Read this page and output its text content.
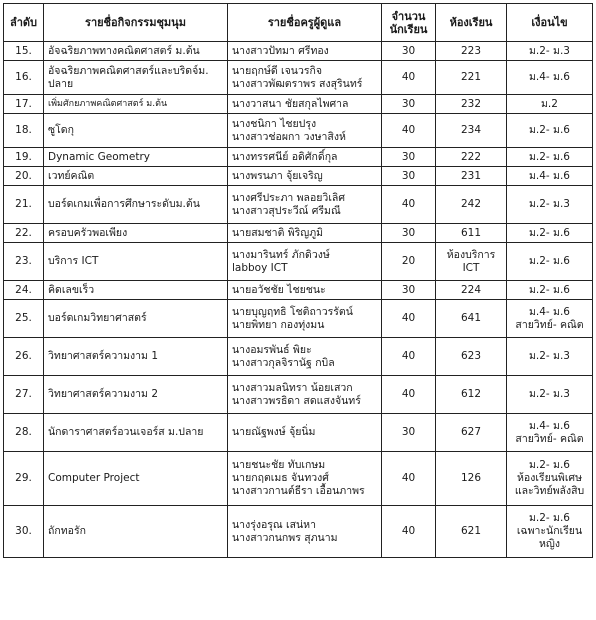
ลำดับ	รายชื่อกิจกรรมชุมนุม	รายชื่อครูผู้ดูแล	จำนวน นักเรียน	ห้องเรียน	เงื่อนไข
15.	อัจฉริยภาพทางคณิตศาสตร์ ม.ต้น	นางสาวปัทมา ศรีทอง	30	223	ม.2- ม.3

16.	อัจฉริยภาพคณิตศาสตร์และบริดจ์ม.
ปลาย	นายฤกษ์ดี เจนวรกิจ
นางสาวพัฒตราพร สงสุรินทร์	40	221	ม.4- ม.6

17.	เพิ่มศักยภาพคณิตศาสตร์ ม.ต้น	นางวาสนา ชัยสกุลไพศาล	30	232	ม.2

18.	ซูโดกุ	นางชนิกา ไชยปรุง
นางสาวช่อผกา วงษาสิงห์	40	234	ม.2- ม.6

19.	Dynamic Geometry	นางทรรศนีย์ อดิศักดิ์กุล	30	222	ม.2- ม.6

20.	เวทย์คณิต	นางพรนภา จุ้ยเจริญ	30	231	ม.4- ม.6

21.	บอร์ดเกมเพื่อการศึกษาระดับม.ต้น	นางศรีประภา พลอยวิเลิศ
นางสาวสุประวีณ์ ศรีมณี	40	242	ม.2- ม.3

22.	ครอบครัวพอเพียง	นายสมชาติ พิริญภูมิ	30	611	ม.2- ม.6

23.	บริการ ICT	นางมารินทร์ ภักดิวงษ์
labboy ICT	20	ห้องบริการ
ICT	ม.2- ม.6

24.	คิดเลขเร็ว	นายอวัชชัย ไชยชนะ	30	224	ม.2- ม.6

25.	บอร์ดเกมวิทยาศาสตร์	นายบุญฤทธิ โชติถาวรรัตน์
นายพิทยา กองทุ่งมน	40	641	ม.4- ม.6
สายวิทย์- คณิต

26.	วิทยาศาสตร์ความงาม 1	นางอมรพันธ์ พิยะ
นางสาวกุลจิรานัฐ กบิล	40	623	ม.2- ม.3

27.	วิทยาศาสตร์ความงาม 2	นางสาวมลนิทรา น้อยเสวก
นางสาวพรธิดา สดแสงจันทร์	40	612	ม.2- ม.3

28.	นักดาราศาสตร์อวนเจอร์ส ม.ปลาย	นายณัฐพงษ์ จุ้ยนิ่ม	30	627	ม.4- ม.6
สายวิทย์- คณิต

29.	Computer Project	นายชนะชัย ทับเกษม
นายกฤตเมธ จันทวงศ์
นางสาวกานต์ธีรา เอื้อนภาพร	40	126	ม.2- ม.6
ห้องเรียนพิเศษ
และวิทย์พลังสิบ

30.	ถักทอรัก	นางรุ่งอรุณ เสน่หา
นางสาวกนกพร สุภนาม	40	621	ม.2- ม.6
เฉพาะนักเรียน
หญิง
